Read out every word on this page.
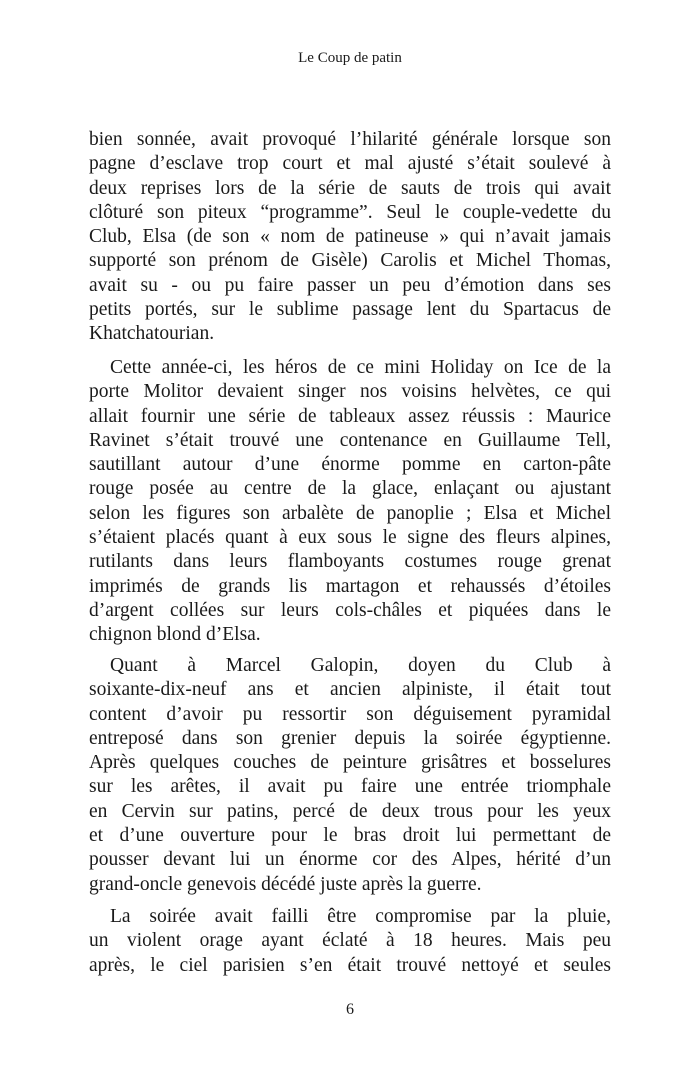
Le Coup de patin
bien sonnée, avait provoqué l’hilarité générale lorsque son
pagne d’esclave trop court et mal ajusté s’était soulevé à
deux reprises lors de la série de sauts de trois qui avait
clôturé son piteux “programme”. Seul le couple-vedette du
Club, Elsa (de son « nom de patineuse » qui n’avait jamais
supporté son prénom de Gisèle) Carolis et Michel Thomas,
avait su - ou pu faire passer un peu d’émotion dans ses
petits portés, sur le sublime passage lent du Spartacus de
Khatchatourian.
Cette année-ci, les héros de ce mini Holiday on Ice de la
porte Molitor devaient singer nos voisins helvètes, ce qui
allait fournir une série de tableaux assez réussis : Maurice
Ravinet s’était trouvé une contenance en Guillaume Tell,
sautillant autour d’une énorme pomme en carton-pâte
rouge posée au centre de la glace, enlaçant ou ajustant
selon les figures son arbalète de panoplie ; Elsa et Michel
s’étaient placés quant à eux sous le signe des fleurs alpines,
rutilants dans leurs flamboyants costumes rouge grenat
imprimés de grands lis martagon et rehaussés d’étoiles
d’argent collées sur leurs cols-châles et piquées dans le
chignon blond d’Elsa.
Quant à Marcel Galopin, doyen du Club à
soixante-dix-neuf ans et ancien alpiniste, il était tout
content d’avoir pu ressortir son déguisement pyramidal
entreposé dans son grenier depuis la soirée égyptienne.
Après quelques couches de peinture grisâtres et bosselures
sur les arêtes, il avait pu faire une entrée triomphale
en Cervin sur patins, percé de deux trous pour les yeux
et d’une ouverture pour le bras droit lui permettant de
pousser devant lui un énorme cor des Alpes, hérité d’un
grand-oncle genevois décédé juste après la guerre.
La soirée avait failli être compromise par la pluie,
un violent orage ayant éclaté à 18 heures. Mais peu
après, le ciel parisien s’en était trouvé nettoyé et seules
6
